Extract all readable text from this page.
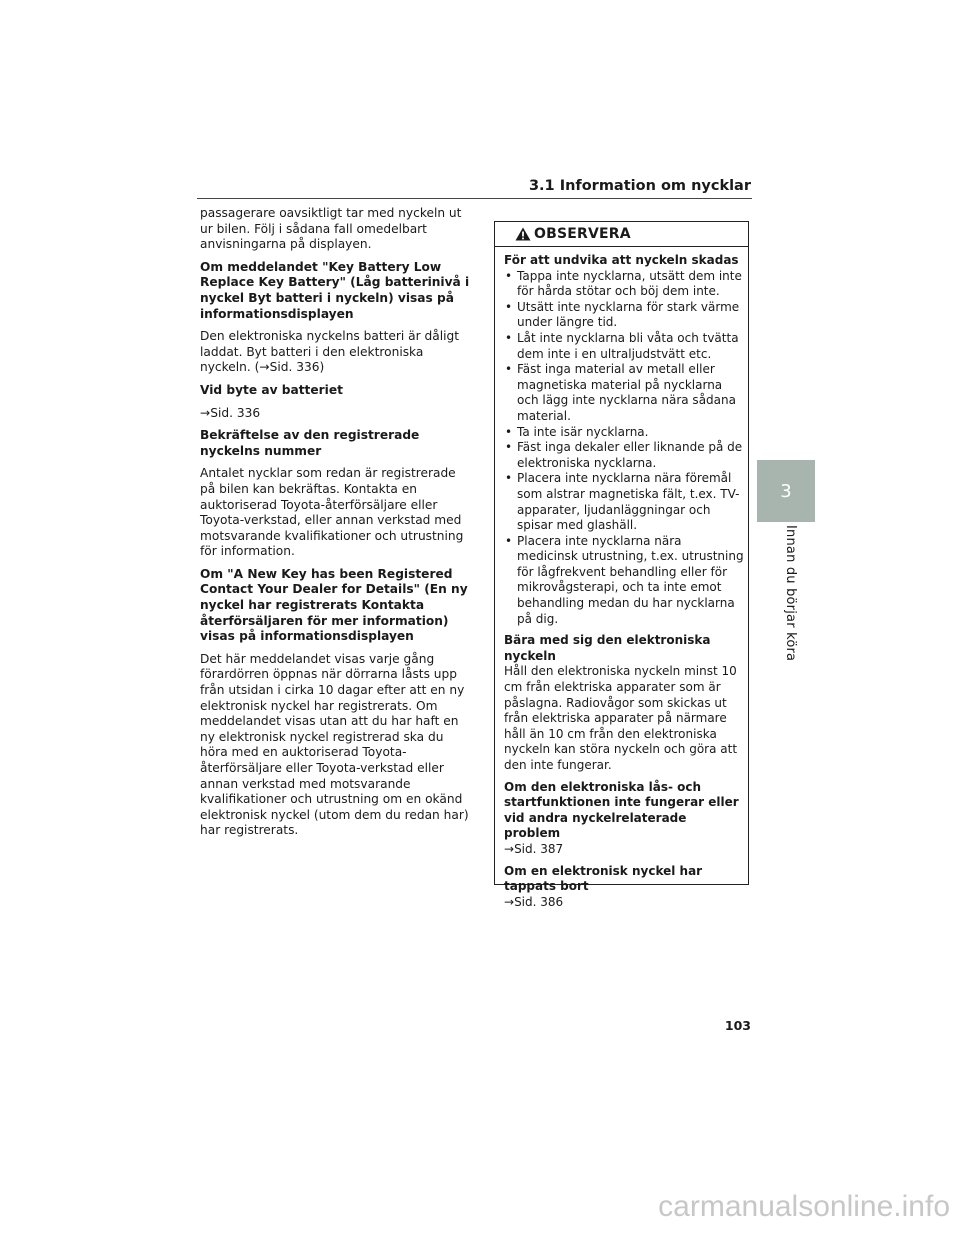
3.1 Information om nycklar

passagerare oavsiktligt tar med nyckeln ut ur bilen. Följ i sådana fall omedelbart anvisningarna på displayen.

Om meddelandet "Key Battery Low Replace Key Battery" (Låg batterinivå i nyckel Byt batteri i nyckeln) visas på informationsdisplayen

Den elektroniska nyckelns batteri är dåligt laddat. Byt batteri i den elektroniska nyckeln. (→Sid. 336)

Vid byte av batteriet

→Sid. 336

Bekräftelse av den registrerade nyckelns nummer

Antalet nycklar som redan är registrerade på bilen kan bekräftas. Kontakta en auktoriserad Toyota-återförsäljare eller Toyota-verkstad, eller annan verkstad med motsvarande kvalifikationer och utrustning för information.

Om "A New Key has been Registered Contact Your Dealer for Details" (En ny nyckel har registrerats Kontakta återförsäljaren för mer information) visas på informationsdisplayen

Det här meddelandet visas varje gång förardörren öppnas när dörrarna låsts upp från utsidan i cirka 10 dagar efter att en ny elektronisk nyckel har registrerats. Om meddelandet visas utan att du har haft en ny elektronisk nyckel registrerad ska du höra med en auktoriserad Toyota-återförsäljare eller Toyota-verkstad eller annan verkstad med motsvarande kvalifikationer och utrustning om en okänd elektronisk nyckel (utom dem du redan har) har registrerats.

OBSERVERA

För att undvika att nyckeln skadas

• Tappa inte nycklarna, utsätt dem inte för hårda stötar och böj dem inte.
• Utsätt inte nycklarna för stark värme under längre tid.
• Låt inte nycklarna bli våta och tvätta dem inte i en ultraljudstvätt etc.
• Fäst inga material av metall eller magnetiska material på nycklarna och lägg inte nycklarna nära sådana material.
• Ta inte isär nycklarna.
• Fäst inga dekaler eller liknande på de elektroniska nycklarna.
• Placera inte nycklarna nära föremål som alstrar magnetiska fält, t.ex. TV-apparater, ljudanläggningar och spisar med glashäll.
• Placera inte nycklarna nära medicinsk utrustning, t.ex. utrustning för lågfrekvent behandling eller för mikrovågsterapi, och ta inte emot behandling medan du har nycklarna på dig.

Bära med sig den elektroniska nyckeln

Håll den elektroniska nyckeln minst 10 cm från elektriska apparater som är påslagna. Radiovågor som skickas ut från elektriska apparater på närmare håll än 10 cm från den elektroniska nyckeln kan störa nyckeln och göra att den inte fungerar.

Om den elektroniska lås- och startfunktionen inte fungerar eller vid andra nyckelrelaterade problem

→Sid. 387

Om en elektronisk nyckel har tappats bort

→Sid. 386

3
Innan du börjar köra
103
carmanualsonline.info
